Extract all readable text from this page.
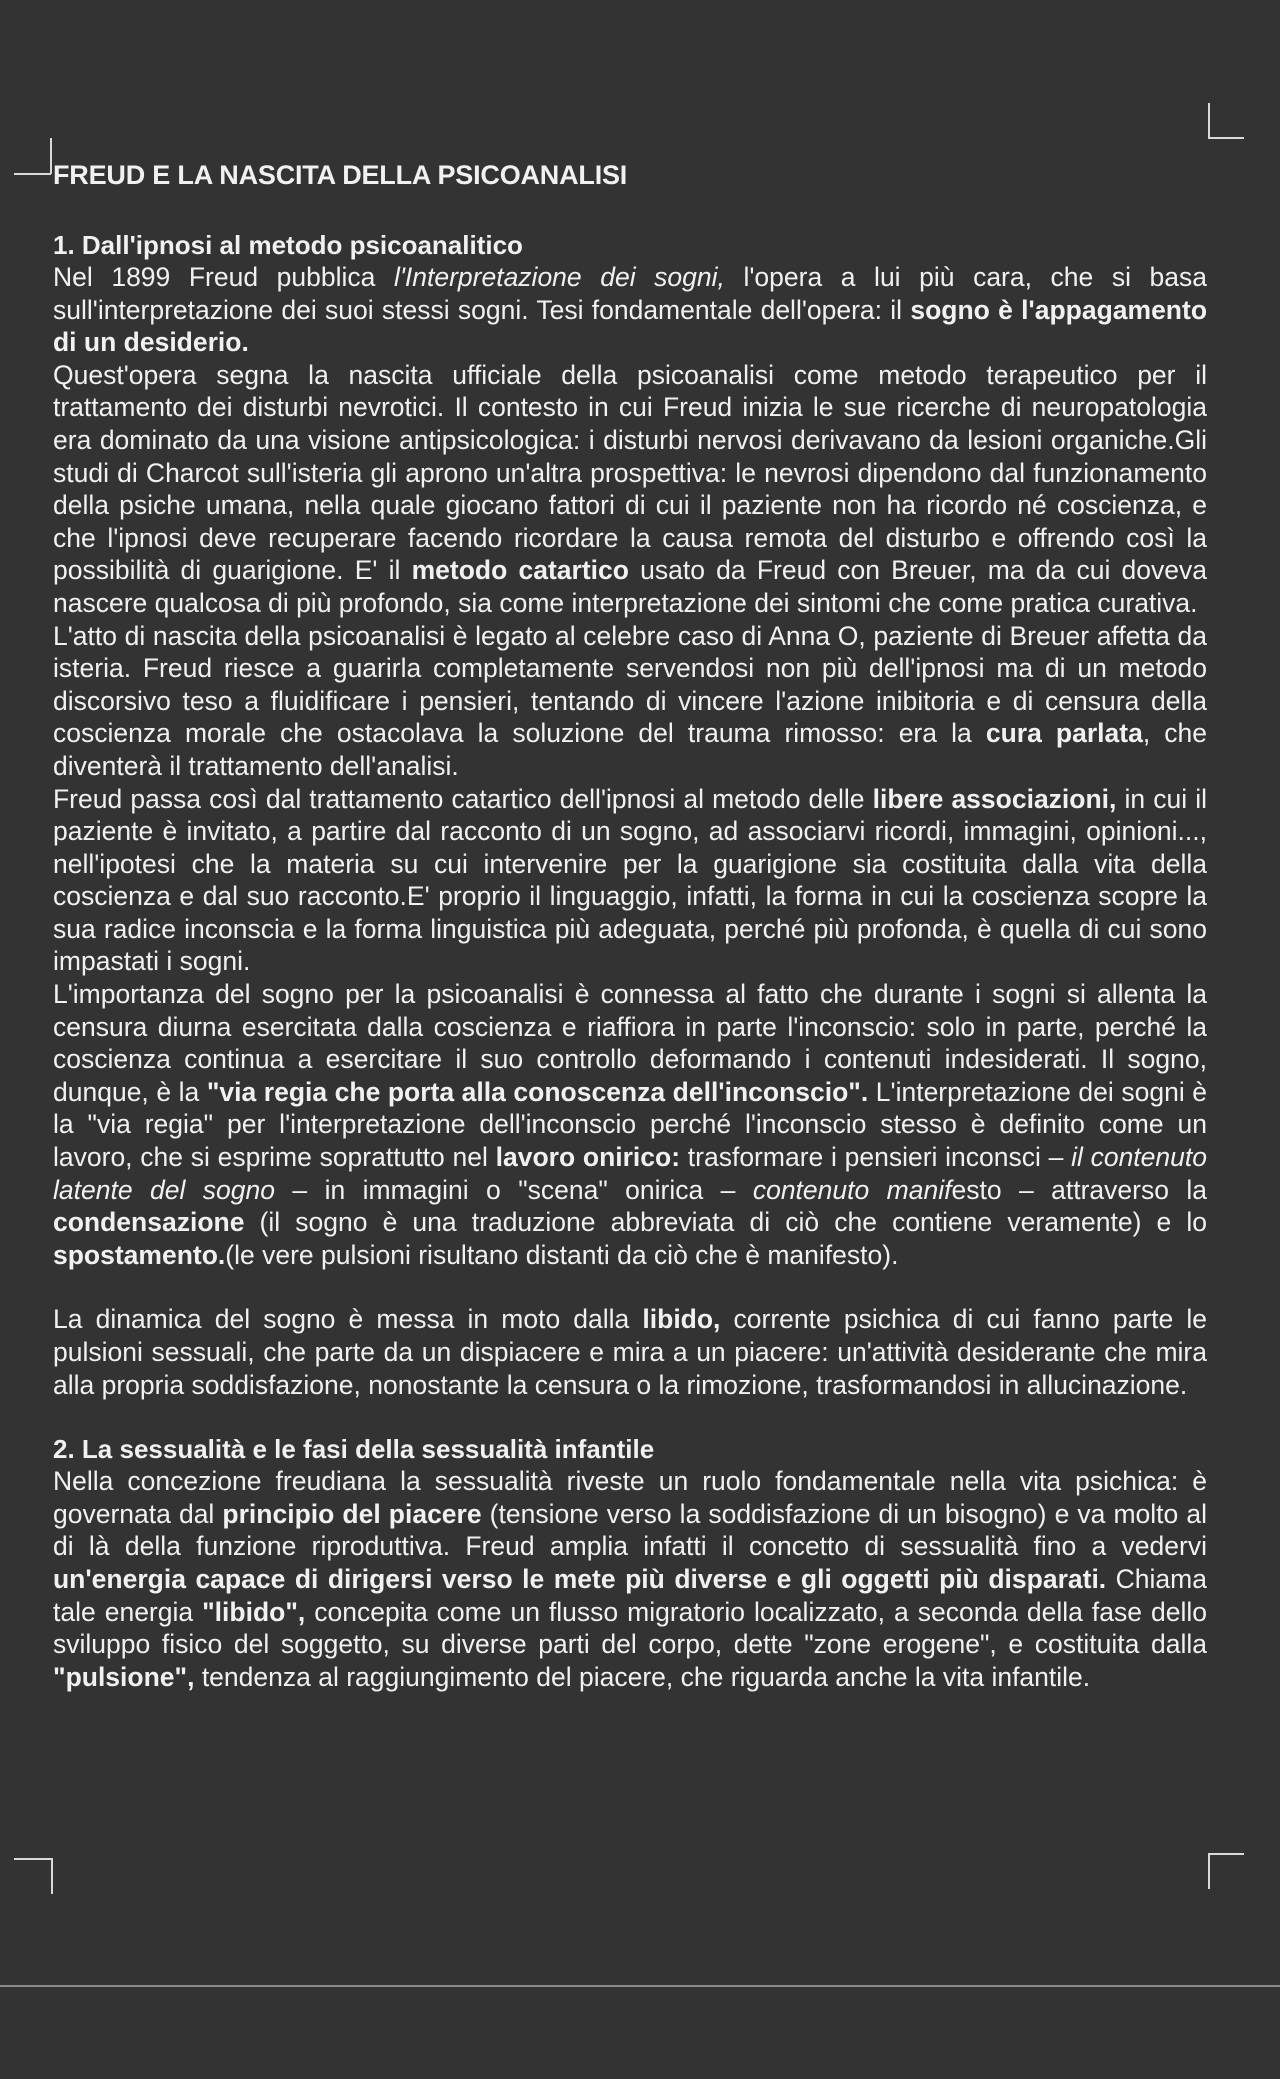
FREUD E LA NASCITA DELLA PSICOANALISI
1. Dall'ipnosi al metodo psicoanalitico

Nel 1899 Freud pubblica l'Interpretazione dei sogni, l'opera a lui più cara, che si basa sull'interpretazione dei suoi stessi sogni. Tesi fondamentale dell'opera: il sogno è l'appagamento di un desiderio.

Quest'opera segna la nascita ufficiale della psicoanalisi come metodo terapeutico per il trattamento dei disturbi nevrotici. Il contesto in cui Freud inizia le sue ricerche di neuropatologia era dominato da una visione antipsicologica: i disturbi nervosi derivavano da lesioni organiche.Gli studi di Charcot sull'isteria gli aprono un'altra prospettiva: le nevrosi dipendono dal funzionamento della psiche umana, nella quale giocano fattori di cui il paziente non ha ricordo né coscienza, e che l'ipnosi deve recuperare facendo ricordare la causa remota del disturbo e offrendo così la possibilità di guarigione. E' il metodo catartico usato da Freud con Breuer, ma da cui doveva nascere qualcosa di più profondo, sia come interpretazione dei sintomi che come pratica curativa.

L'atto di nascita della psicoanalisi è legato al celebre caso di Anna O, paziente di Breuer affetta da isteria. Freud riesce a guarirla completamente servendosi non più dell'ipnosi ma di un metodo discorsivo teso a fluidificare i pensieri, tentando di vincere l'azione inibitoria e di censura della coscienza morale che ostacolava la soluzione del trauma rimosso: era la cura parlata, che diventerà il trattamento dell'analisi.

Freud passa così dal trattamento catartico dell'ipnosi al metodo delle libere associazioni, in cui il paziente è invitato, a partire dal racconto di un sogno, ad associarvi ricordi, immagini, opinioni..., nell'ipotesi che la materia su cui intervenire per la guarigione sia costituita dalla vita della coscienza e dal suo racconto.E' proprio il linguaggio, infatti, la forma in cui la coscienza scopre la sua radice inconscia e la forma linguistica più adeguata, perché più profonda, è quella di cui sono impastati i sogni.

L'importanza del sogno per la psicoanalisi è connessa al fatto che durante i sogni si allenta la censura diurna esercitata dalla coscienza e riaffiora in parte l'inconscio: solo in parte, perché la coscienza continua a esercitare il suo controllo deformando i contenuti indesiderati. Il sogno, dunque, è la "via regia che porta alla conoscenza dell'inconscio". L'interpretazione dei sogni è la "via regia" per l'interpretazione dell'inconscio perché l'inconscio stesso è definito come un lavoro, che si esprime soprattutto nel lavoro onirico: trasformare i pensieri inconsci – il contenuto latente del sogno – in immagini o "scena" onirica – contenuto manifesto – attraverso la condensazione (il sogno è una traduzione abbreviata di ciò che contiene veramente) e lo spostamento.(le vere pulsioni risultano distanti da ciò che è manifesto).

La dinamica del sogno è messa in moto dalla libido, corrente psichica di cui fanno parte le pulsioni sessuali, che parte da un dispiacere e mira a un piacere: un'attività desiderante che mira alla propria soddisfazione, nonostante la censura o la rimozione, trasformandosi in allucinazione.

2. La sessualità e le fasi della sessualità infantile

Nella concezione freudiana la sessualità riveste un ruolo fondamentale nella vita psichica: è governata dal principio del piacere (tensione verso la soddisfazione di un bisogno) e va molto al di là della funzione riproduttiva. Freud amplia infatti il concetto di sessualità fino a vedervi un'energia capace di dirigersi verso le mete più diverse e gli oggetti più disparati. Chiama tale energia "libido", concepita come un flusso migratorio localizzato, a seconda della fase dello sviluppo fisico del soggetto, su diverse parti del corpo, dette "zone erogene", e costituita dalla "pulsione", tendenza al raggiungimento del piacere, che riguarda anche la vita infantile.
